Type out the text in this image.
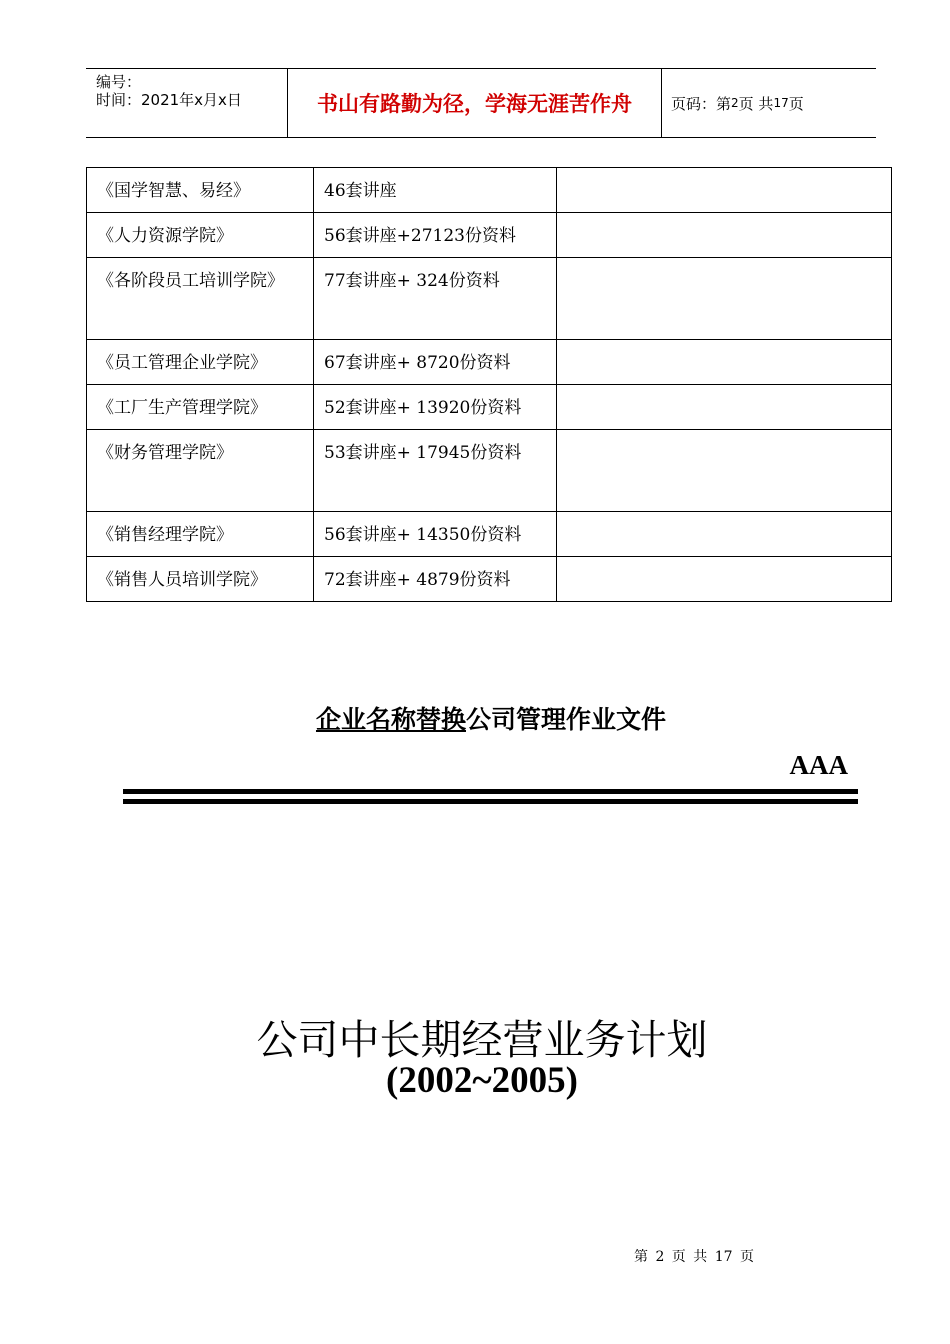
编号：
时间：2021年x月x日	书山有路勤为径，学海无涯苦作舟	页码：第 2 页 共 17 页
《国学智慧、易经》	46套讲座	
《人力资源学院》	56套讲座+27123份资料	
《各阶段员工培训学院》	77套讲座+ 324份资料	
《员工管理企业学院》	67套讲座+ 8720份资料	
《工厂生产管理学院》	52套讲座+ 13920份资料	
《财务管理学院》	53套讲座+ 17945份资料	
《销售经理学院》	56套讲座+ 14350份资料	
《销售人员培训学院》	72套讲座+ 4879份资料	
企业名称替换公司管理作业文件
AAA
公司中长期经营业务计划
(2002~2005)
第 2 页 共 17 页
